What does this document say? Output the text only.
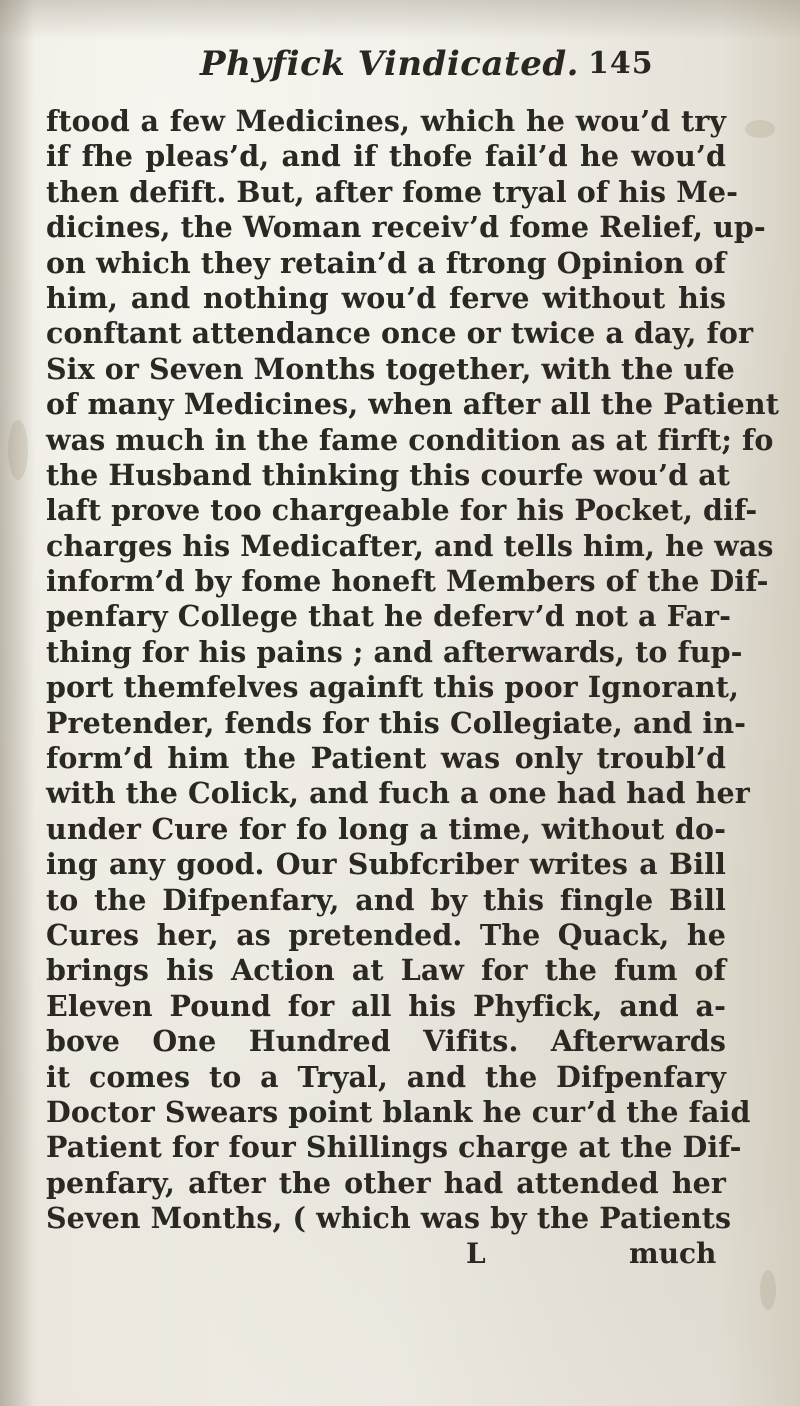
Phyfick Vindicated. 145
ftood a few Medicines, which he wou’d try
if fhe pleas’d, and if thofe fail’d he wou’d
then defift. But, after fome tryal of his Me-
dicines, the Woman receiv’d fome Relief, up-
on which they retain’d a ftrong Opinion of
him, and nothing wou’d ferve without his
conftant attendance once or twice a day, for
Six or Seven Months together, with the ufe
of many Medicines, when after all the Patient
was much in the fame condition as at firft; fo
the Husband thinking this courfe wou’d at
laft prove too chargeable for his Pocket, dif-
charges his Medicafter, and tells him, he was
inform’d by fome honeft Members of the Dif-
penfary College that he deferv’d not a Far-
thing for his pains ; and afterwards, to fup-
port themfelves againft this poor Ignorant,
Pretender, fends for this Collegiate, and in-
form’d him the Patient was only troubl’d
with the Colick, and fuch a one had had her
under Cure for fo long a time, without do-
ing any good. Our Subfcriber writes a Bill
to the Difpenfary, and by this fingle Bill
Cures her, as pretended. The Quack, he
brings his Action at Law for the fum of
Eleven Pound for all his Phyfick, and a-
bove One Hundred Vifits. Afterwards
it comes to a Tryal, and the Difpenfary
Doctor Swears point blank he cur’d the faid
Patient for four Shillings charge at the Dif-
penfary, after the other had attended her
Seven Months, ( which was by the Patients
L	much
